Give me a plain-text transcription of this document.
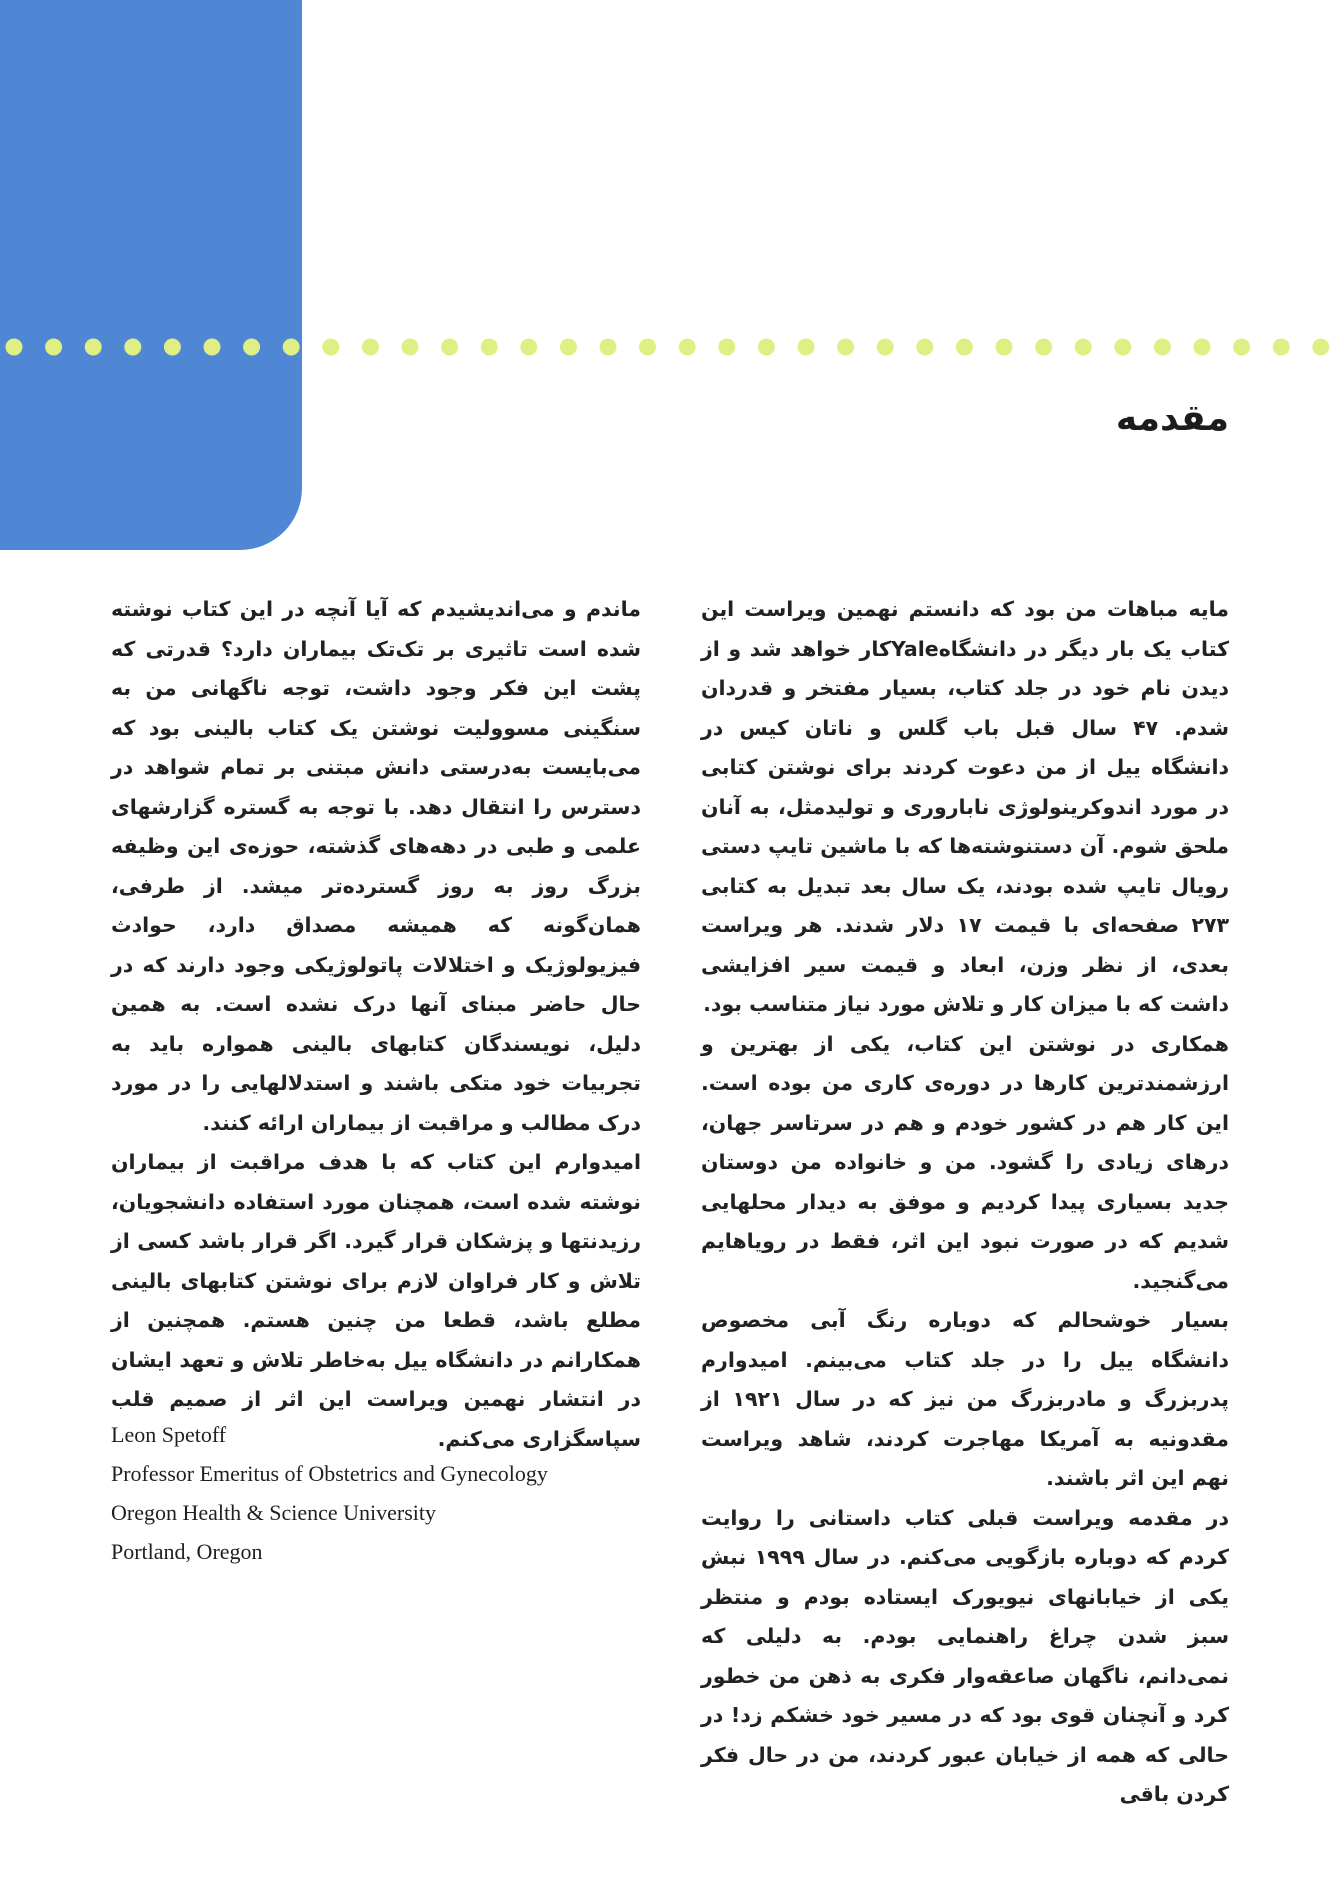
مقدمه

مایه مباهات من بود که دانستم نهمین ویراست این کتاب یک بار دیگر در دانشگاهYaleکار خواهد شد و از دیدن نام خود در جلد کتاب، بسیار مفتخر و قدردان شدم. ۴۷ سال قبل باب گلس و ناتان کیس در دانشگاه ییل از من دعوت کردند برای نوشتن کتابی در مورد اندوکرینولوژی ناباروری و تولیدمثل، به آنان ملحق شوم. آن دستنوشته‌ها که با ماشین تایپ دستی رویال تایپ شده بودند، یک سال بعد تبدیل به کتابی ۲۷۳ صفحه‌ای با قیمت ۱۷ دلار شدند. هر ویراست بعدی، از نظر وزن، ابعاد و قیمت سیر افزایشی داشت که با میزان کار و تلاش مورد نیاز متناسب بود.

همکاری در نوشتن این کتاب، یکی از بهترین و ارزشمندترین کارها در دوره‌ی کاری من بوده است. این کار هم در کشور خودم و هم در سرتاسر جهان، درهای زیادی را گشود. من و خانواده من دوستان جدید بسیاری پیدا کردیم و موفق به دیدار محلهایی شدیم که در صورت نبود این اثر، فقط در رویاهایم می‌گنجید.

بسیار خوشحالم که دوباره رنگ آبی مخصوص دانشگاه ییل را در جلد کتاب می‌بینم. امیدوارم پدربزرگ و مادربزرگ من نیز که در سال ۱۹۲۱ از مقدونیه به آمریکا مهاجرت کردند، شاهد ویراست نهم این اثر باشند.

در مقدمه ویراست قبلی کتاب داستانی را روایت کردم که دوباره بازگویی می‌کنم. در سال ۱۹۹۹ نبش یکی از خیابانهای نیویورک ایستاده بودم و منتظر سبز شدن چراغ راهنمایی بودم. به دلیلی که نمی‌دانم، ناگهان صاعقه‌وار فکری به ذهن من خطور کرد و آنچنان قوی بود که در مسیر خود خشکم زد! در حالی که همه از خیابان عبور کردند، من در حال فکر کردن باقی

ماندم و می‌اندیشیدم که آیا آنچه در این کتاب نوشته شده است تاثیری بر تک‌تک بیماران دارد؟ قدرتی که پشت این فکر وجود داشت، توجه ناگهانی من به سنگینی مسوولیت نوشتن یک کتاب بالینی بود که می‌بایست به‌درستی دانش مبتنی بر تمام شواهد در دسترس را انتقال دهد. با توجه به گستره گزارشهای علمی و طبی در دهه‌های گذشته، حوزه‌ی این وظیفه بزرگ روز به روز گسترده‌تر میشد. از طرفی، همان‌گونه که همیشه مصداق دارد، حوادث فیزیولوژیک و اختلالات پاتولوژیکی وجود دارند که در حال حاضر مبنای آنها درک نشده است. به همین دلیل، نویسندگان کتابهای بالینی همواره باید به تجربیات خود متکی باشند و استدلالهایی را در مورد درک مطالب و مراقبت از بیماران ارائه کنند.

امیدوارم این کتاب که با هدف مراقبت از بیماران نوشته شده است، همچنان مورد استفاده دانشجویان، رزیدنتها و پزشکان قرار گیرد. اگر قرار باشد کسی از تلاش و کار فراوان لازم برای نوشتن کتابهای بالینی مطلع باشد، قطعا من چنین هستم. همچنین از همکارانم در دانشگاه ییل به‌خاطر تلاش و تعهد ایشان در انتشار نهمین ویراست این اثر از صمیم قلب سپاسگزاری می‌کنم.

Leon Spetoff
Professor Emeritus of Obstetrics and Gynecology
Oregon Health & Science University
Portland, Oregon
